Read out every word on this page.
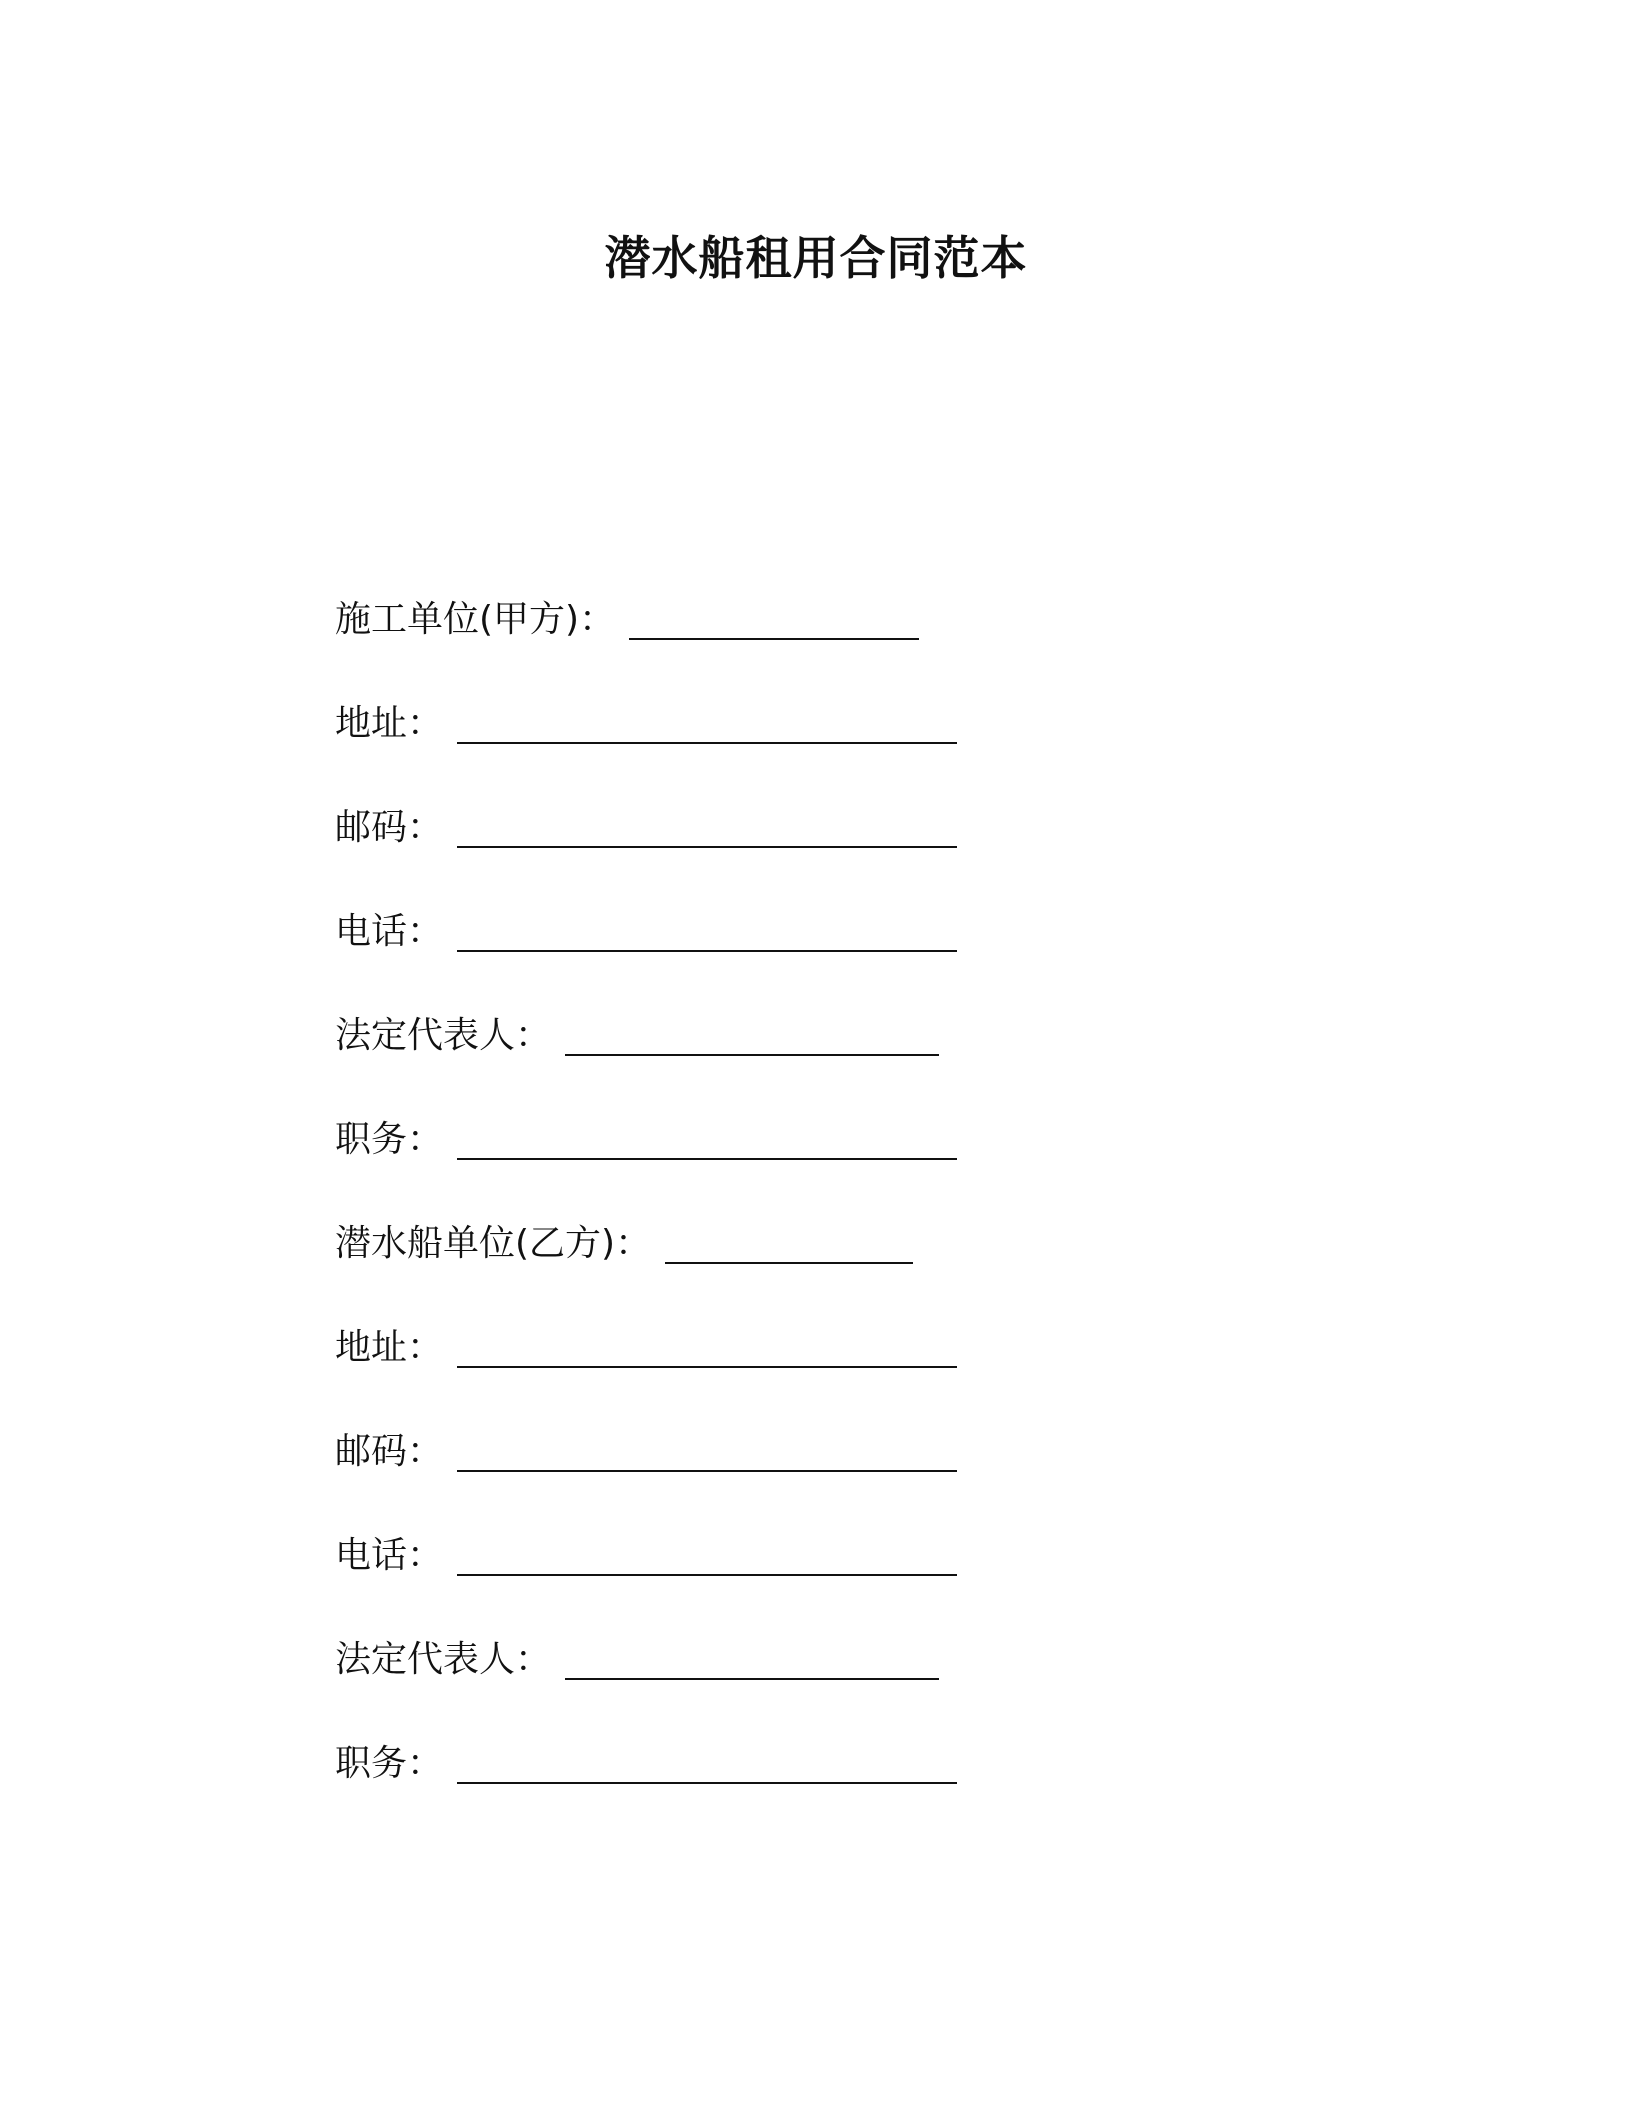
潜水船租用合同范本
施工单位(甲方)：
地址：
邮码：
电话：
法定代表人：
职务：
潜水船单位(乙方)：
地址：
邮码：
电话：
法定代表人：
职务：
